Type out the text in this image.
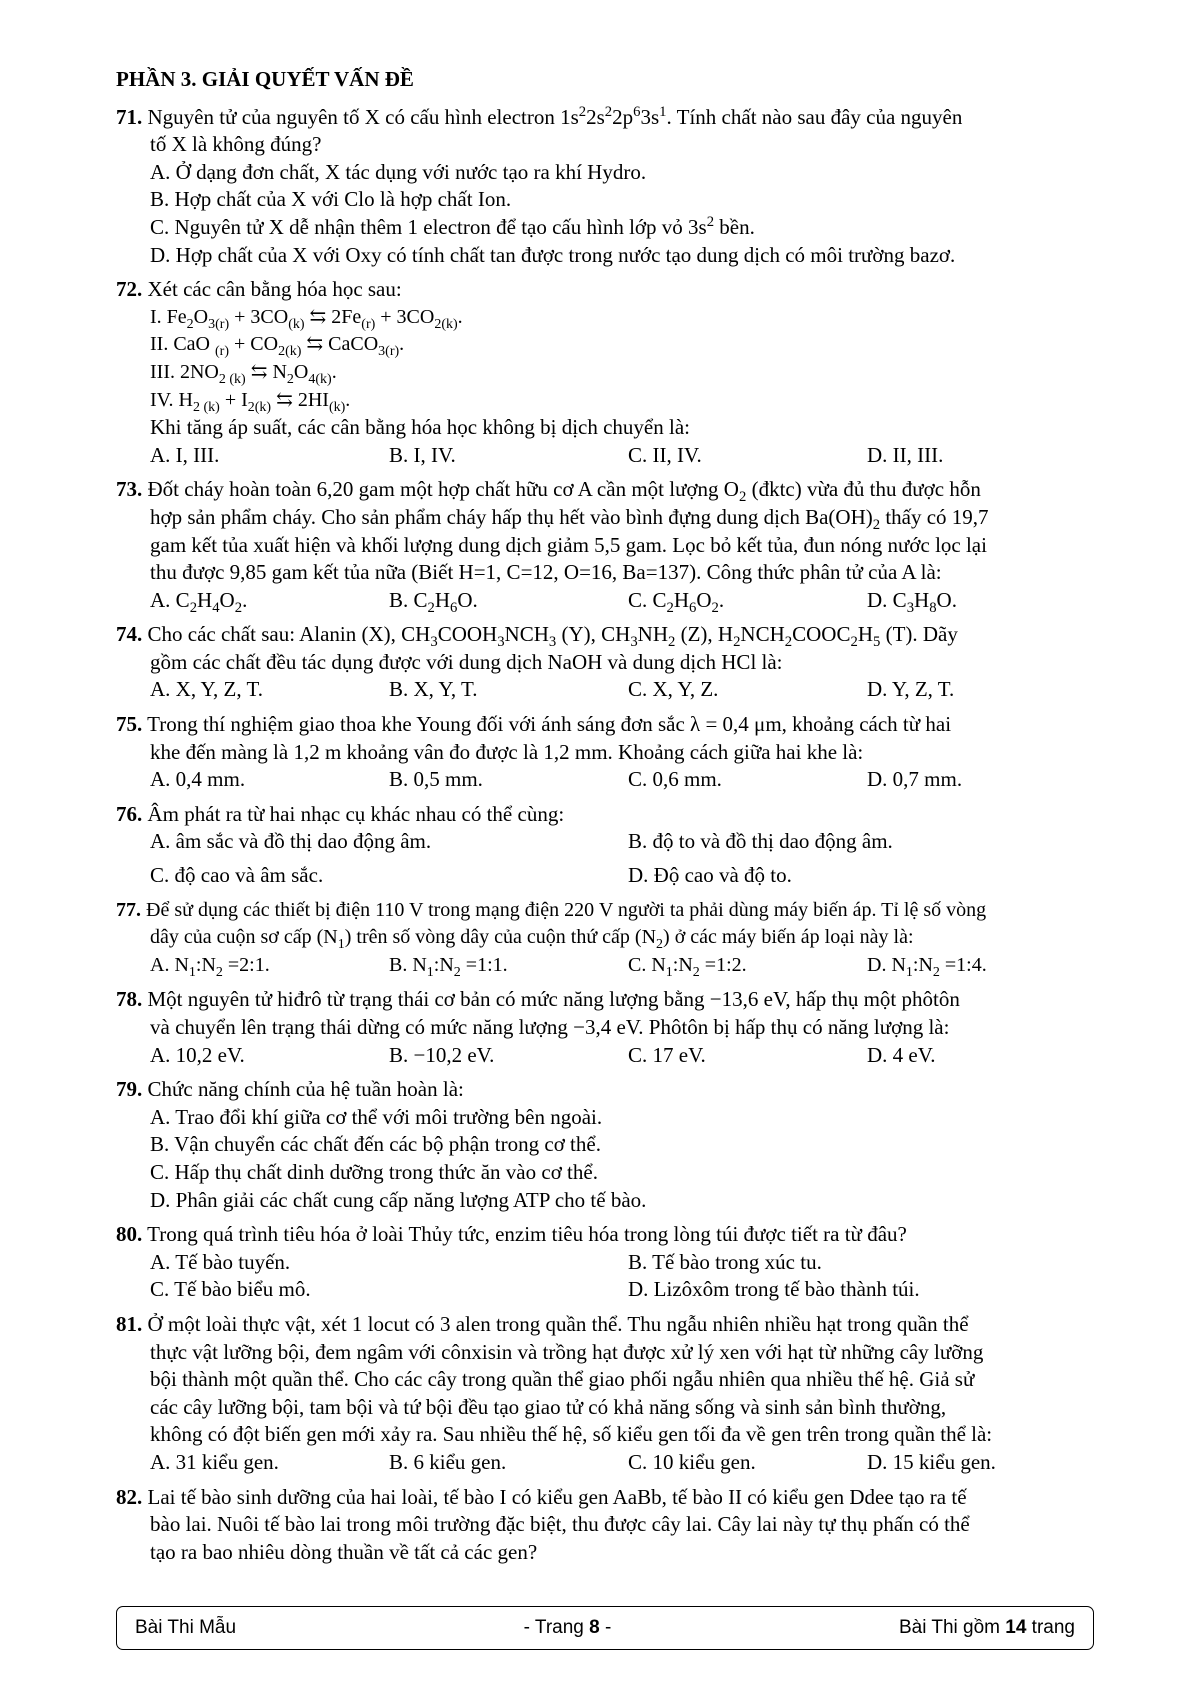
PHẦN 3. GIẢI QUYẾT VẤN ĐỀ
71. Nguyên tử của nguyên tố X có cấu hình electron $1s^22s^22p^63s^1$. Tính chất nào sau đây của nguyên
tố X là không đúng?
A. Ở dạng đơn chất, X tác dụng với nước tạo ra khí Hydro.
B. Hợp chất của X với Clo là hợp chất Ion.
C. Nguyên tử X dễ nhận thêm 1 electron để tạo cấu hình lớp vỏ $3s^2$ bền.
D. Hợp chất của X với Oxy có tính chất tan được trong nước tạo dung dịch có môi trường bazơ.
72. Xét các cân bằng hóa học sau:
I. $Fe_2O_{3(r)} + 3CO_{(k)}$ ⇆ $2Fe_{(r)} + 3CO_{2(k)}$.
II. CaO $_{(r)} + CO_{2(k)}$ ⇆ CaCO$_{3(r)}$.
III. $2NO_{2 (k)}$ ⇆ $N_2O_{4(k)}$.
IV. $H_{2 (k)} + I_{2(k)}$ ⇆ $2HI_{(k)}$.
Khi tăng áp suất, các cân bằng hóa học không bị dịch chuyển là:
A. I, III.	B. I, IV.	C. II, IV.	D. II, III.
73. Đốt cháy hoàn toàn 6,20 gam một hợp chất hữu cơ A cần một lượng $O_2$ (đktc) vừa đủ thu được hỗn
hợp sản phẩm cháy. Cho sản phẩm cháy hấp thụ hết vào bình đựng dung dịch $Ba(OH)_2$ thấy có 19,7
gam kết tủa xuất hiện và khối lượng dung dịch giảm 5,5 gam. Lọc bỏ kết tủa, đun nóng nước lọc lại
thu được 9,85 gam kết tủa nữa (Biết H=1, C=12, O=16, Ba=137). Công thức phân tử của A là:
A. $C_2H_4O_2$.	B. $C_2H_6O$.	C. $C_2H_6O_2$.	D. $C_3H_8O$.
74. Cho các chất sau: Alanin (X), $CH_3COOH_3NCH_3$ (Y), $CH_3NH_2$ (Z), $H_2NCH_2COOC_2H_5$ (T). Dãy
gồm các chất đều tác dụng được với dung dịch NaOH và dung dịch HCl là:
A. X, Y, Z, T.	B. X, Y, T.	C. X, Y, Z.	D. Y, Z, T.
75. Trong thí nghiệm giao thoa khe Young đối với ánh sáng đơn sắc λ = 0,4 μm, khoảng cách từ hai
khe đến màng là 1,2 m khoảng vân đo được là 1,2 mm. Khoảng cách giữa hai khe là:
A. 0,4 mm.	B. 0,5 mm.	C. 0,6 mm.	D. 0,7 mm.
76. Âm phát ra từ hai nhạc cụ khác nhau có thể cùng:
A. âm sắc và đồ thị dao động âm.	B. độ to và đồ thị dao động âm.
C. độ cao và âm sắc.	D. Độ cao và độ to.
77. Để sử dụng các thiết bị điện 110 V trong mạng điện 220 V người ta phải dùng máy biến áp. Tỉ lệ số vòng
dây của cuộn sơ cấp $(N_1)$ trên số vòng dây của cuộn thứ cấp $(N_2)$ ở các máy biến áp loại này là:
A. $N_1:N_2$ =2:1.	B. $N_1:N_2$ =1:1.	C. $N_1:N_2$ =1:2.	D. $N_1:N_2$ =1:4.
78. Một nguyên tử hiđrô từ trạng thái cơ bản có mức năng lượng bằng −13,6 eV, hấp thụ một phôtôn
và chuyển lên trạng thái dừng có mức năng lượng −3,4 eV. Phôtôn bị hấp thụ có năng lượng là:
A. 10,2 eV.	B. −10,2 eV.	C. 17 eV.	D. 4 eV.
79. Chức năng chính của hệ tuần hoàn là:
A. Trao đổi khí giữa cơ thể với môi trường bên ngoài.
B. Vận chuyển các chất đến các bộ phận trong cơ thể.
C. Hấp thụ chất dinh dưỡng trong thức ăn vào cơ thể.
D. Phân giải các chất cung cấp năng lượng ATP cho tế bào.
80. Trong quá trình tiêu hóa ở loài Thủy tức, enzim tiêu hóa trong lòng túi được tiết ra từ đâu?
A. Tế bào tuyến.	B. Tế bào trong xúc tu.
C. Tế bào biểu mô.	D. Lizôxôm trong tế bào thành túi.
81. Ở một loài thực vật, xét 1 locut có 3 alen trong quần thể. Thu ngẫu nhiên nhiều hạt trong quần thể
thực vật lưỡng bội, đem ngâm với cônxisin và trồng hạt được xử lý xen với hạt từ những cây lưỡng
bội thành một quần thể. Cho các cây trong quần thể giao phối ngẫu nhiên qua nhiều thế hệ. Giả sử
các cây lưỡng bội, tam bội và tứ bội đều tạo giao tử có khả năng sống và sinh sản bình thường,
không có đột biến gen mới xảy ra. Sau nhiều thế hệ, số kiểu gen tối đa về gen trên trong quần thể là:
A. 31 kiểu gen.	B. 6 kiểu gen.	C. 10 kiểu gen.	D. 15 kiểu gen.
82. Lai tế bào sinh dưỡng của hai loài, tế bào I có kiểu gen AaBb, tế bào II có kiểu gen Ddee tạo ra tế
bào lai. Nuôi tế bào lai trong môi trường đặc biệt, thu được cây lai. Cây lai này tự thụ phấn có thể
tạo ra bao nhiêu dòng thuần về tất cả các gen?
Bài Thi Mẫu	- Trang 8 -	Bài Thi gồm 14 trang
